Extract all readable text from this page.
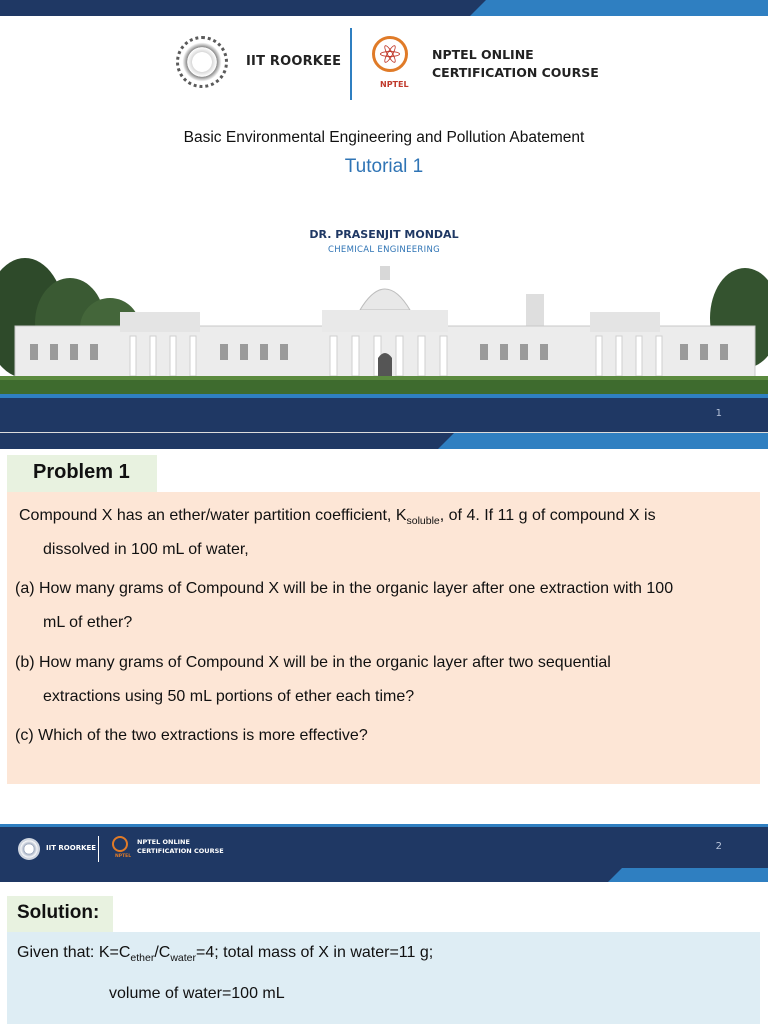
IIT ROORKEE
NPTEL
NPTEL ONLINE
CERTIFICATION COURSE
Basic Environmental Engineering and Pollution Abatement
Tutorial 1
DR. PRASENJIT MONDAL
CHEMICAL ENGINEERING
1
Problem 1
Compound X has an ether/water partition coefficient, $K_{soluble}$, of 4. If 11 g of compound X is
dissolved in 100 mL of water,
(a) How many grams of Compound X will be in the organic layer after one extraction with 100
mL of ether?
(b) How many grams of Compound X will be in the organic layer after two sequential
extractions using 50 mL portions of ether each time?
(c) Which of the two extractions is more effective?
IIT ROORKEE
NPTEL
NPTEL ONLINE
CERTIFICATION COURSE	2
Solution:
Given that: $K=C_{ether}/C_{water}=4$; total mass of X in water=11 g;
volume of water=100 mL
